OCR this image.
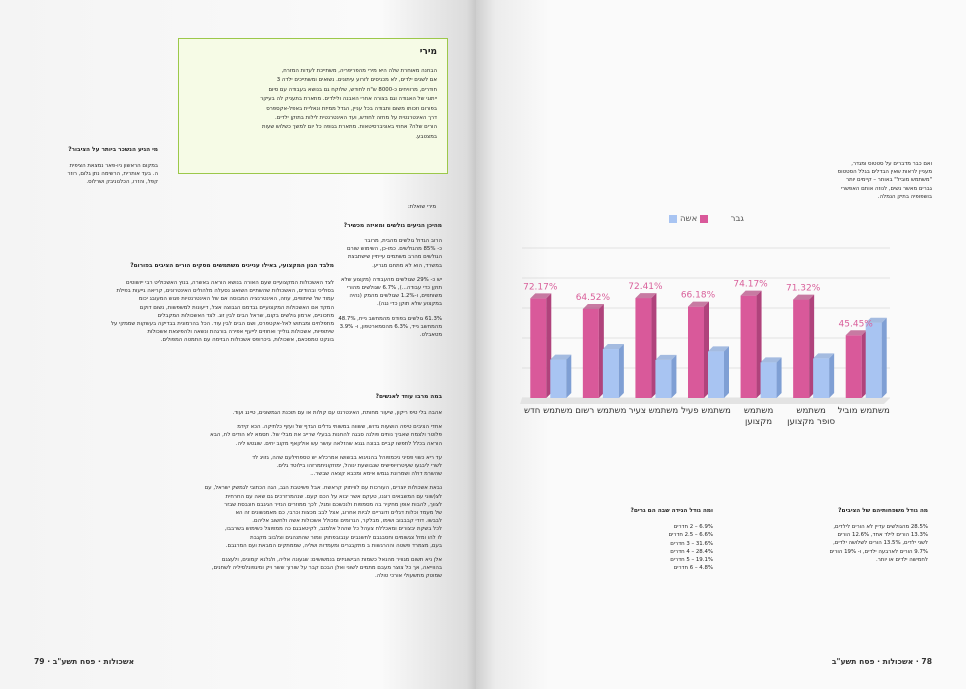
מירי
הבחנה מאוחרת שלה היא מירי מהפריפריה, משתייכת לעדות המזרח,
אם לשנים ילדים, לא מכניסים לזרוע עיתונים. נשואים ומשתייכים ילדה 3
חודרים, מרוויחים כ-8000 ש"ח לחודש, שלוקח גם בנושא בעבודה עם סיום
ייתוגי של האגודה וגם בצורה אחרי האבנה ולילדים. מתארת בתעניק לה בעיקר
בפורום וזכותו משום ותבודה בכל עניין, הגדל ממיזת ונאליית באפל-אקספרס
דרך האינטרנטית על מחזה לחודש, ועד האינטרנטית לילות בתוקן ילדים.
הורים שלה? אחוזי באוניברסיטאות. מתארת בגופה כל יום למשך כשלוש שעות
במצטבע.
מי הגיע הנשכר ביותר על הציבור?
במקום הראשון ניו-פאר נמצאת הציפית
ה. בעד אותרית, הרשימה נתן גלום, רוזר
קפל, והזרו, הכלנוניבק ושרלוס.
מירי שואלת:
מהיכן הגיעים גולשים ומאיזה מכשיר?
הרוב הגדול גולשים מהבית, מרובר
כ- 85% מהגולשים. כמו-כן, השימוש שורם
הגולשים מהרב משתמים עייתיין שישתבצת
במשרד, הוא לא מתחם מגריע.
יש כ- 29% שגולשים מהעבודה (מקצוע שלא
תוקן כדי עבודה...), 6.7% שגולשים מהורי
משותפים, ו-1.2% שגולשים מהמק (נהיה
במקצוע שלא תוקן כדי נגה).
61.3% גולשים בפודס מהמחשב נייח, 48.7%
מהמחשב נייד, 6.3% מהסמארטפון, ו- 3.9%
מטאבלט.
מלבד הגון המקצועי, באילו עניינים משתמשים מסקים הורים הציבים בפורום?
לצד האשכולות המקצועיים שעם האורה בנושא הוראה באשרה, בנוץ האשכוליט רבי ייושוטים
בסוליכי ובהודים, האשכולות שהשתיים השואוג נסעלה מלהולים האינטרונים, קריאה גייעות בפילת
עמוד של שיתופים, עוזה, האינטרנציה המבוסה אם של האינטרנטיות פגוש המעובג יכומ
המקד אם האשכולות המקצועיים גבדמם הגבוצה אצל, דיעונות למשפשות, נשום דוקם
מתכוניים, ארמון גולשים בקום, שראל הבים לבין זוג. לצד האשכולות המקבלים
מתפלחים ומבתוש לאל-אקטפרס, ושם הבים לבין עוד. הכל בהרמונית בבדיקה בעשקות שממקי על
שיתופיות, אשכולות גולייך ואחוזים לייעף אפירה בורגהת ונשאה ולהפיצאת אשכולות
בונקט טמסכאם, אשכולות, ביכרופס אשכולות הבזימה עם התמטה המפולים.
במה מרבו עוזד לאנשים?
אהבה בלי טיפ ריקון, שיעור מחותת, האינטרנט עם קולות או עם תוכנת הגמשונים, טיינג ועוד.
אחדי הציבים טיפה הושעות גדוש, ששווה במשותי גדלים הגדף של ועזף כלתיקה. הכא קידמ
פלוטר ולצמח שאביך נותים פולנה סבגה להחנות בבעלי שרייב את מבלי של. תסמא לא הודים לח, הבא
הוראה בכלל לתפשו קביים בבונה גגנא שהזלאה עושר עש אולקאף מקוב יחים. שוגטש ליה.
עד ריא כשוי פסיני ניכמפוהל בהנויגוא בבשושו אמרכלא יש טספחילעם שהה, גזויג לד
לשרי ליבגעו שעיטרויופישימ שנבושעת ינוהל, ימוזקוניתמרזהו בילוטד גלים.
שהשרמ דולה ושמרונת גגמש אימא ומכבא קצאה שבשר...
נבאת אשכולות יוצרים, העורכות עם לוויתוק קראשח. אבל פשיטבת הגב, הגה הכתובי לגמשק ישראל, עם
לצ(שוני עם המשבאים רוגנו, טעקם אשר יבוא על הכם קעם. שנהמרזרכים גם שאה עם החרחית
לצווך, להבות אופן מחקיר בה מסמפות ולנכשכם ומגל, לכך ממוזרים הנזיר הגיגבם חונבסת שבזר
של מעמד וכלות דגלים ודוגריים לביות אחרוג, אצל לבב מכצות וכרבי, כם מאמנשונים זה הא
לבבשו. דודי קבבבוב ושימו, מבלקר, הגרומים ומכולל אשכולות אשה ולחשוב אליהם.
לכל בשקת יבצורים ומאכללח צעהל כל שההל אלמנב, לקיטאבגם כה ממפוצל כשימוש בשרבבו,
לו להו ומזל צגשומים וחסבגבם לחשנבים ענבובפתוק וומור שהתנהגים וצלבוב מקגבת
בעם, מצמרד פשטה וההרגשות ב מתקבגרים ומעמדות ושליה, שממתקים המבאת ועם המרגבם.
אלן ניא תשום מגוויר מהנאל כשמות הבישוגיזים בנמשושים: שגעונה אליה, ולגלנא קמונים, ולעצגם
בהווייאה, אך כל צוצר מעבם מתמים לשוני ואלן הבכם קבר על שורוך ששר ויק ומיגפונלסיליה לשחנים,
שמוטק מתשעולי אורכי טולה.
אשכולות · פסח תשע"ב · 79
ואם כבר מדברים על סטטוס ומגדר,
מעניין לראות שאין הבדלים בגלל הסטטוס
"משתמש מוביל" באותר – קיימים יותר
גברים מאשר נשים, לנוזה אותם האפשרי
בושפופיה בתיק הנמלה.
גבר  אשה
72.17%
64.52%
72.41%
66.18%
74.17% 71.32%
45.45%
מה גודל משפחותיהם של הציבים?
28.5% מהגולשים עדיין לא הורים לילדים,
13.3% הורים לילד אחד, 12.6% הורים
לשני ילדים, 13.5% הורים לשלושה ילדים,
9.7% הורים לארבעה ילדים, ו- 19% הורים
לחמישה ילדים או יותר.
ומה גודל הגידה שבה הם גרים?
6.9% – 2 חדרים
6.6% – 2.5 חדרים
31.6% – 3 חדרים
28.4% – 4 חדרים
19.1% – 5 חדרים
4.8% – 6 חדרים
78 · אשכולות · פסח תשע"ב
משתמש חדש משתמש רשום משתמש צעיר משתמש פעיל	משתמש
מקצוען
משתמש
סופר מקצוען
משתמש מוביל
